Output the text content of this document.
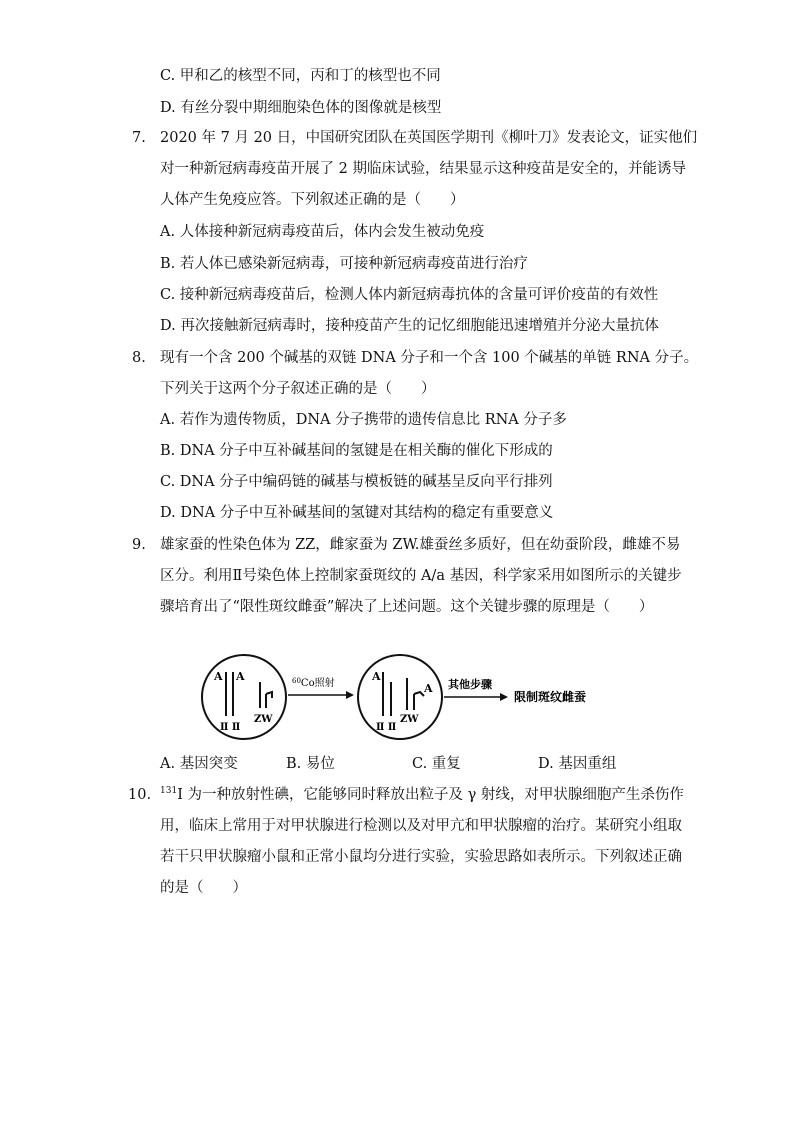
C. 甲和乙的核型不同，丙和丁的核型也不同
D. 有丝分裂中期细胞染色体的图像就是核型
7. 2020 年 7 月 20 日，中国研究团队在英国医学期刊《柳叶刀》发表论文，证实他们
对一种新冠病毒疫苗开展了 2 期临床试验，结果显示这种疫苗是安全的，并能诱导
人体产生免疫应答。下列叙述正确的是（　　）
A. 人体接种新冠病毒疫苗后，体内会发生被动免疫
B. 若人体已感染新冠病毒，可接种新冠病毒疫苗进行治疗
C. 接种新冠病毒疫苗后，检测人体内新冠病毒抗体的含量可评价疫苗的有效性
D. 再次接触新冠病毒时，接种疫苗产生的记忆细胞能迅速增殖并分泌大量抗体
8. 现有一个含 200 个碱基的双链 DNA 分子和一个含 100 个碱基的单链 RNA 分子。
下列关于这两个分子叙述正确的是（　　）
A. 若作为遗传物质，DNA 分子携带的遗传信息比 RNA 分子多
B. DNA 分子中互补碱基间的氢键是在相关酶的催化下形成的
C. DNA 分子中编码链的碱基与模板链的碱基呈反向平行排列
D. DNA 分子中互补碱基间的氢键对其结构的稳定有重要意义
9. 雄家蚕的性染色体为 ZZ，雌家蚕为 ZW.雄蚕丝多质好，但在幼蚕阶段，雌雄不易
区分。利用Ⅱ号染色体上控制家蚕斑纹的 A/a 基因，科学家采用如图所示的关键步
骤培育出了“限性斑纹雌蚕”解决了上述问题。这个关键步骤的原理是（　　）
A A
ZW
Ⅱ Ⅱ
$^{60}$Co照射
A
A
ZW
Ⅱ Ⅱ
其他步骤
限制斑纹雌蚕
A. 基因突变	B. 易位	C. 重复	D. 基因重组
10. $^{131}$I 为一种放射性碘，它能够同时释放出粒子及 γ 射线，对甲状腺细胞产生杀伤作
用，临床上常用于对甲状腺进行检测以及对甲亢和甲状腺瘤的治疗。某研究小组取
若干只甲状腺瘤小鼠和正常小鼠均分进行实验，实验思路如表所示。下列叙述正确
的是（　　）
